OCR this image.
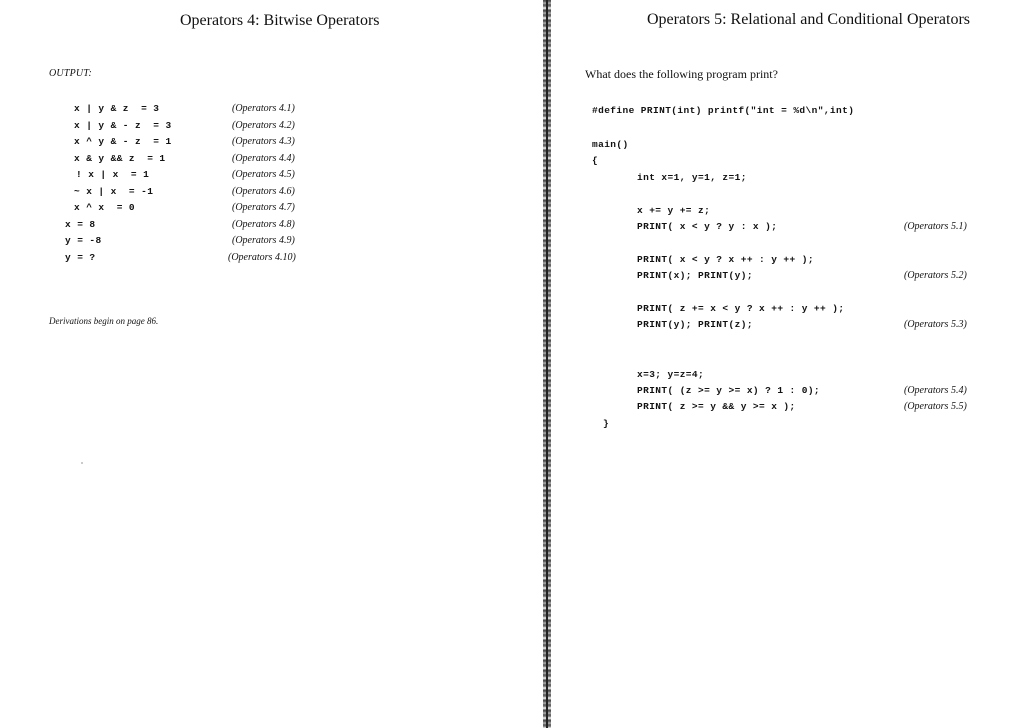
Operators 4: Bitwise Operators
OUTPUT:
x | y & z  = 3	(Operators 4.1)
x | y & - z  = 3	(Operators 4.2)
x ^ y & - z  = 1	(Operators 4.3)
x & y && z  = 1	(Operators 4.4)
! x | x  = 1	(Operators 4.5)
~ x | x  = -1	(Operators 4.6)
x ^ x  = 0	(Operators 4.7)
x = 8	(Operators 4.8)
y = -8	(Operators 4.9)
y = ?	(Operators 4.10)
Derivations begin on page 86.
Operators 5: Relational and Conditional Operators
What does the following program print?
#define PRINT(int) printf("int = %d\n",int)
main()
{
int x=1, y=1, z=1;
x += y += z;
PRINT( x < y ? y : x );	(Operators 5.1)
PRINT( x < y ? x ++ : y ++ );
PRINT(x); PRINT(y);	(Operators 5.2)
PRINT( z += x < y ? x ++ : y ++ );
PRINT(y); PRINT(z);	(Operators 5.3)
x=3; y=z=4;
PRINT( (z >= y >= x) ? 1 : 0);	(Operators 5.4)
PRINT( z >= y && y >= x );	(Operators 5.5)
}
